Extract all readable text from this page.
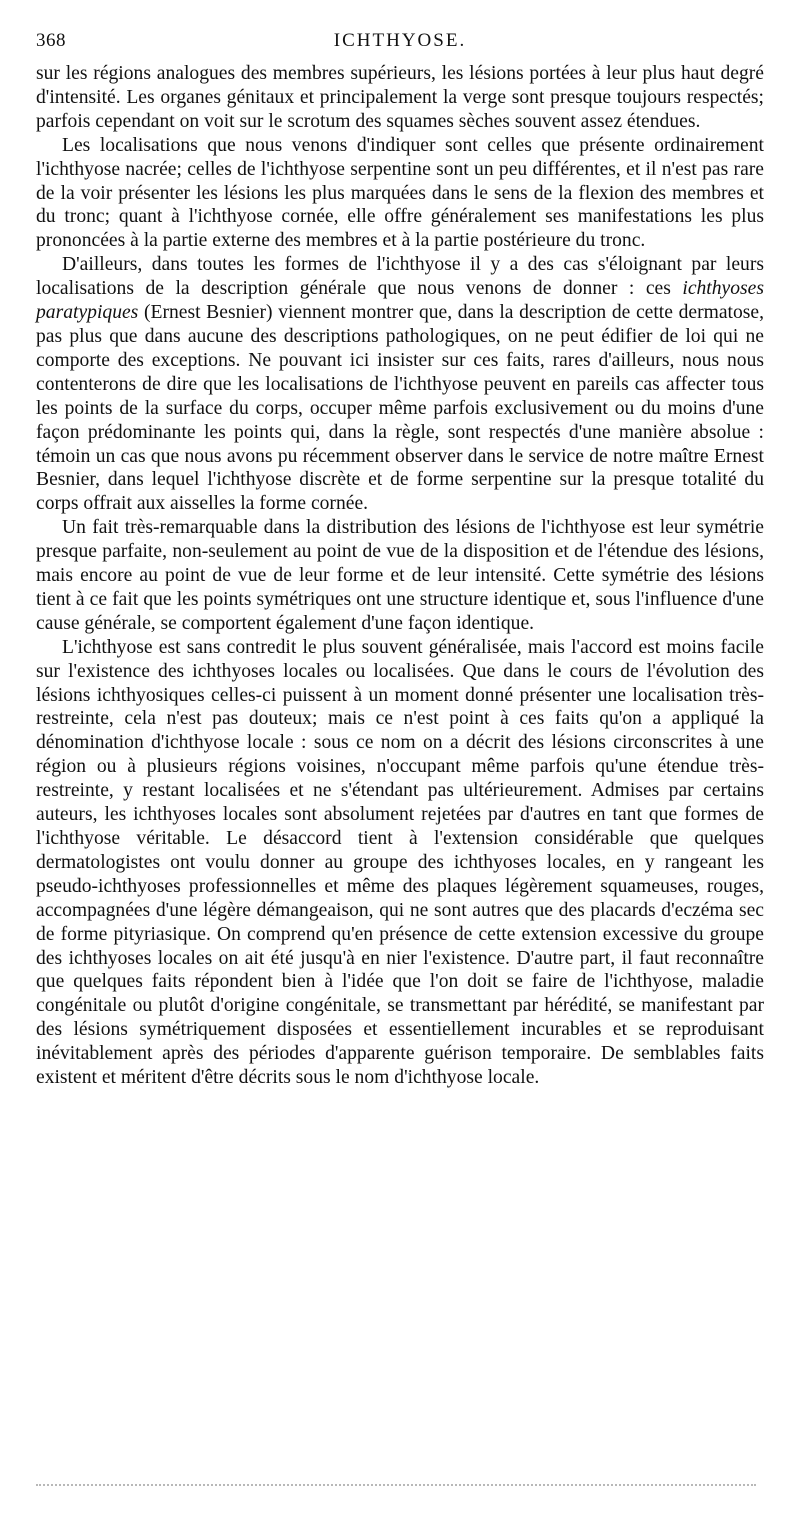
368	ICHTHYOSE.

sur les régions analogues des membres supérieurs, les lésions portées à leur plus haut degré d'intensité. Les organes génitaux et principalement la verge sont presque toujours respectés; parfois cependant on voit sur le scrotum des squames sèches souvent assez étendues.

Les localisations que nous venons d'indiquer sont celles que présente ordinairement l'ichthyose nacrée; celles de l'ichthyose serpentine sont un peu différentes, et il n'est pas rare de la voir présenter les lésions les plus marquées dans le sens de la flexion des membres et du tronc; quant à l'ichthyose cornée, elle offre généralement ses manifestations les plus prononcées à la partie externe des membres et à la partie postérieure du tronc.

D'ailleurs, dans toutes les formes de l'ichthyose il y a des cas s'éloignant par leurs localisations de la description générale que nous venons de donner : ces ichthyoses paratypiques (Ernest Besnier) viennent montrer que, dans la description de cette dermatose, pas plus que dans aucune des descriptions pathologiques, on ne peut édifier de loi qui ne comporte des exceptions. Ne pouvant ici insister sur ces faits, rares d'ailleurs, nous nous contenterons de dire que les localisations de l'ichthyose peuvent en pareils cas affecter tous les points de la surface du corps, occuper même parfois exclusivement ou du moins d'une façon prédominante les points qui, dans la règle, sont respectés d'une manière absolue : témoin un cas que nous avons pu récemment observer dans le service de notre maître Ernest Besnier, dans lequel l'ichthyose discrète et de forme serpentine sur la presque totalité du corps offrait aux aisselles la forme cornée.

Un fait très-remarquable dans la distribution des lésions de l'ichthyose est leur symétrie presque parfaite, non-seulement au point de vue de la disposition et de l'étendue des lésions, mais encore au point de vue de leur forme et de leur intensité. Cette symétrie des lésions tient à ce fait que les points symétriques ont une structure identique et, sous l'influence d'une cause générale, se comportent également d'une façon identique.

L'ichthyose est sans contredit le plus souvent généralisée, mais l'accord est moins facile sur l'existence des ichthyoses locales ou localisées. Que dans le cours de l'évolution des lésions ichthyosiques celles-ci puissent à un moment donné présenter une localisation très-restreinte, cela n'est pas douteux; mais ce n'est point à ces faits qu'on a appliqué la dénomination d'ichthyose locale : sous ce nom on a décrit des lésions circonscrites à une région ou à plusieurs régions voisines, n'occupant même parfois qu'une étendue très-restreinte, y restant localisées et ne s'étendant pas ultérieurement. Admises par certains auteurs, les ichthyoses locales sont absolument rejetées par d'autres en tant que formes de l'ichthyose véritable. Le désaccord tient à l'extension considérable que quelques dermatologistes ont voulu donner au groupe des ichthyoses locales, en y rangeant les pseudo-ichthyoses professionnelles et même des plaques légèrement squameuses, rouges, accompagnées d'une légère démangeaison, qui ne sont autres que des placards d'eczéma sec de forme pityriasique. On comprend qu'en présence de cette extension excessive du groupe des ichthyoses locales on ait été jusqu'à en nier l'existence. D'autre part, il faut reconnaître que quelques faits répondent bien à l'idée que l'on doit se faire de l'ichthyose, maladie congénitale ou plutôt d'origine congénitale, se transmettant par hérédité, se manifestant par des lésions symétriquement disposées et essentiellement incurables et se reproduisant inévitablement après des périodes d'apparente guérison temporaire. De semblables faits existent et méritent d'être décrits sous le nom d'ichthyose locale.
